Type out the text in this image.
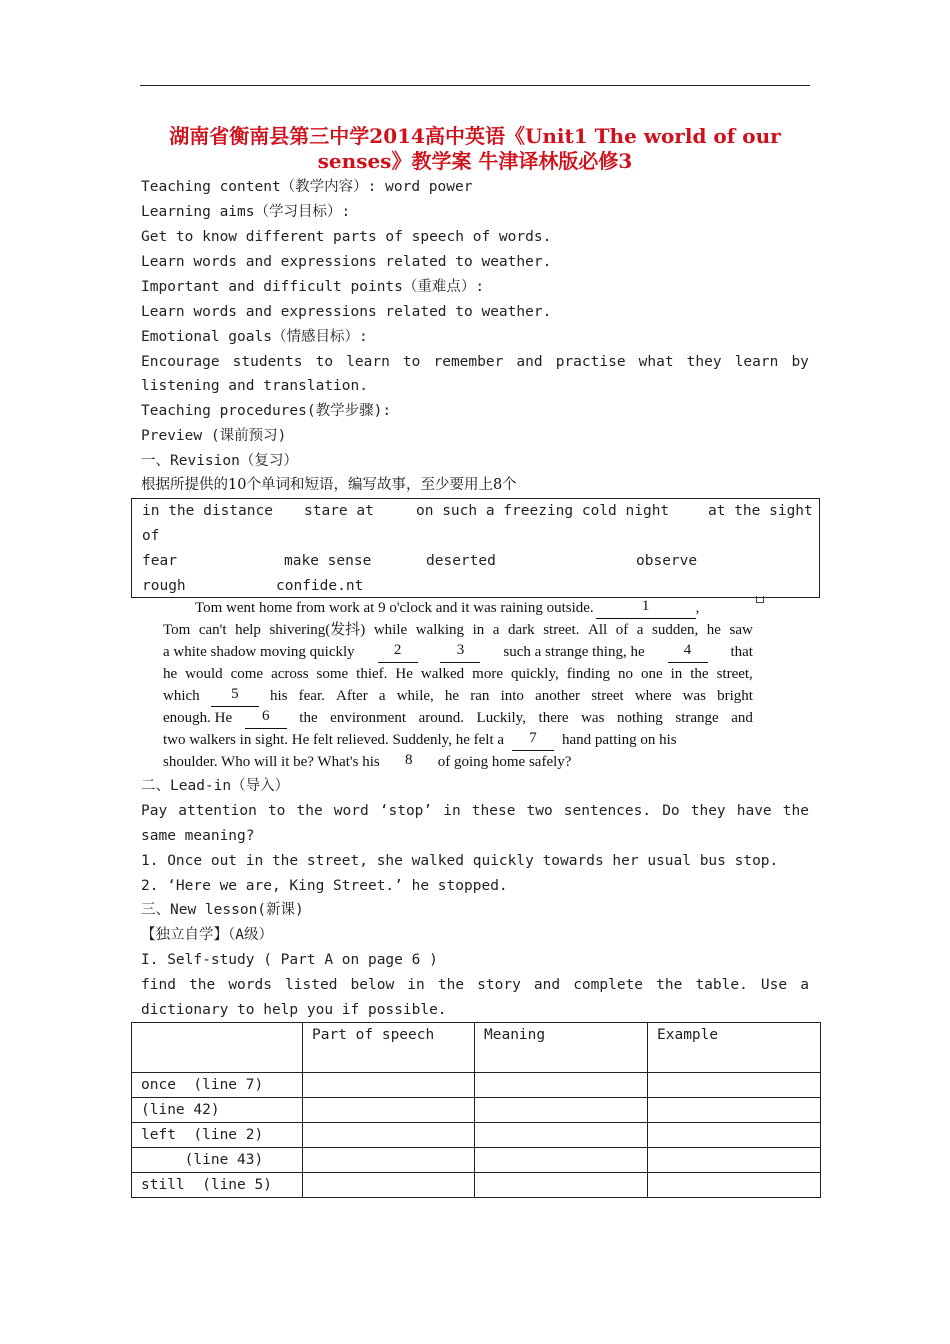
湖南省衡南县第三中学2014高中英语《Unit1 The world of our
senses》教学案 牛津译林版必修3
Teaching content（教学内容）: word power
Learning aims（学习目标）:
Get to know different parts of speech of words.
Learn words and expressions related to weather.
Important and difficult points（重难点）:
Learn words and expressions related to weather.
Emotional goals（情感目标）:
Encourage students to learn to remember and practise what they learn by
listening and translation.
Teaching procedures(教学步骤):
Preview (课前预习)
一、Revision（复习）
根据所提供的10个单词和短语，编写故事，至少要用上8个
in the distance stare at	on such a freezing cold night	at the sight
of
fear	make sense	deserted	observe
rough	confide.nt
Tom went home from work at 9 o'clock and it was raining outside.	1	,
Tom can't help shivering(发抖) while walking in a dark street. All of a sudden, he saw
a white shadow moving quickly	2	3	such a strange thing, he	4	that
he would come across some thief. He walked more quickly, finding no one in the street,
which	5	his fear. After a while, he ran into another street where was bright
enough. He	6	the environment around. Luckily, there was nothing strange and
two walkers in sight. He felt relieved. Suddenly, he felt a	7	hand patting on his
shoulder. Who will it be? What's his	8	of going home safely?
二、Lead-in（导入）
Pay attention to the word ‘stop’ in these two sentences. Do they have the
same meaning?
1. Once out in the street, she walked quickly towards her usual bus stop.
2. ‘Here we are, King Street.’ he stopped.
三、New lesson(新课)
【独立自学】（A级）
I. Self-study ( Part A on page 6 )
find the words listed below in the story and complete the table. Use a
dictionary to help you if possible.
	Part of speech	Meaning	Example
once  (line 7)			
(line 42)			
left  (line 2)			
(line 43)			
still  (line 5)			
